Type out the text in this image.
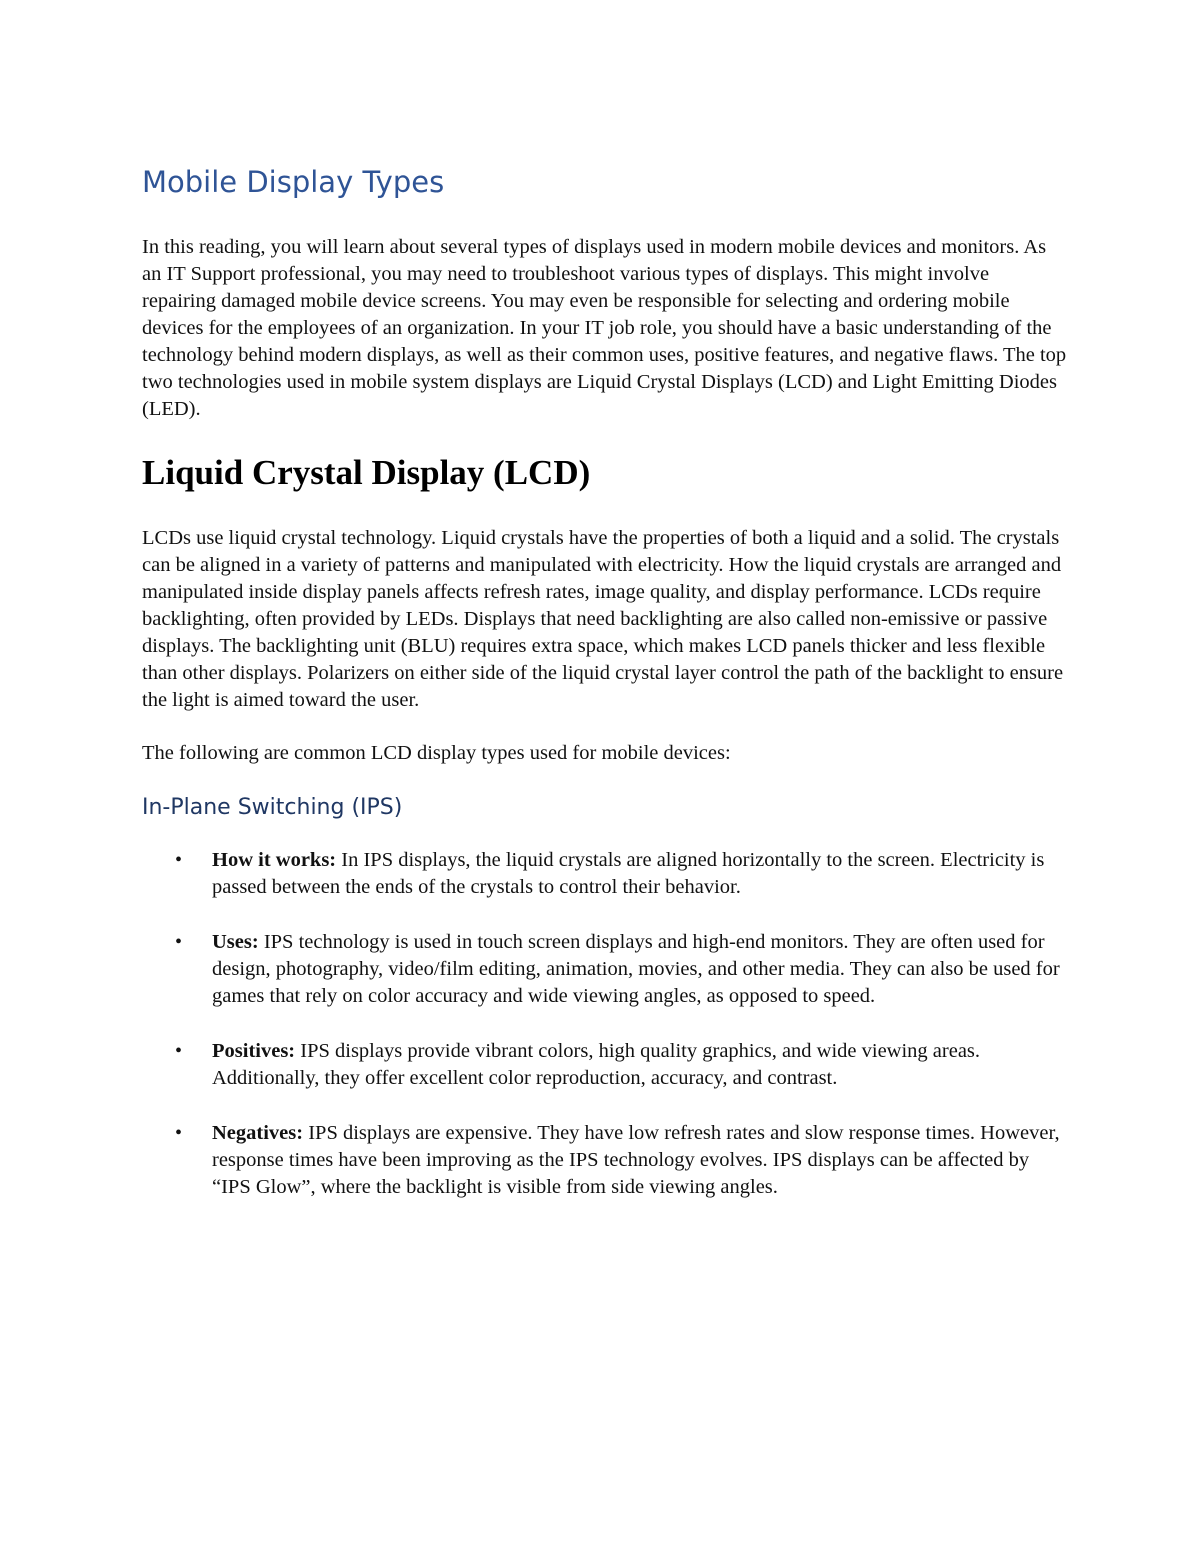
Mobile Display Types

In this reading, you will learn about several types of displays used in modern mobile devices and monitors. As an IT Support professional, you may need to troubleshoot various types of displays. This might involve repairing damaged mobile device screens. You may even be responsible for selecting and ordering mobile devices for the employees of an organization. In your IT job role, you should have a basic understanding of the technology behind modern displays, as well as their common uses, positive features, and negative flaws. The top two technologies used in mobile system displays are Liquid Crystal Displays (LCD) and Light Emitting Diodes (LED).

Liquid Crystal Display (LCD)

LCDs use liquid crystal technology. Liquid crystals have the properties of both a liquid and a solid. The crystals can be aligned in a variety of patterns and manipulated with electricity. How the liquid crystals are arranged and manipulated inside display panels affects refresh rates, image quality, and display performance. LCDs require backlighting, often provided by LEDs. Displays that need backlighting are also called non-emissive or passive displays. The backlighting unit (BLU) requires extra space, which makes LCD panels thicker and less flexible than other displays. Polarizers on either side of the liquid crystal layer control the path of the backlight to ensure the light is aimed toward the user.

The following are common LCD display types used for mobile devices:

In-Plane Switching (IPS)
• How it works: In IPS displays, the liquid crystals are aligned horizontally to the screen. Electricity is passed between the ends of the crystals to control their behavior.
• Uses: IPS technology is used in touch screen displays and high-end monitors. They are often used for design, photography, video/film editing, animation, movies, and other media. They can also be used for games that rely on color accuracy and wide viewing angles, as opposed to speed.
• Positives: IPS displays provide vibrant colors, high quality graphics, and wide viewing areas. Additionally, they offer excellent color reproduction, accuracy, and contrast.
• Negatives: IPS displays are expensive. They have low refresh rates and slow response times. However, response times have been improving as the IPS technology evolves. IPS displays can be affected by “IPS Glow”, where the backlight is visible from side viewing angles.
